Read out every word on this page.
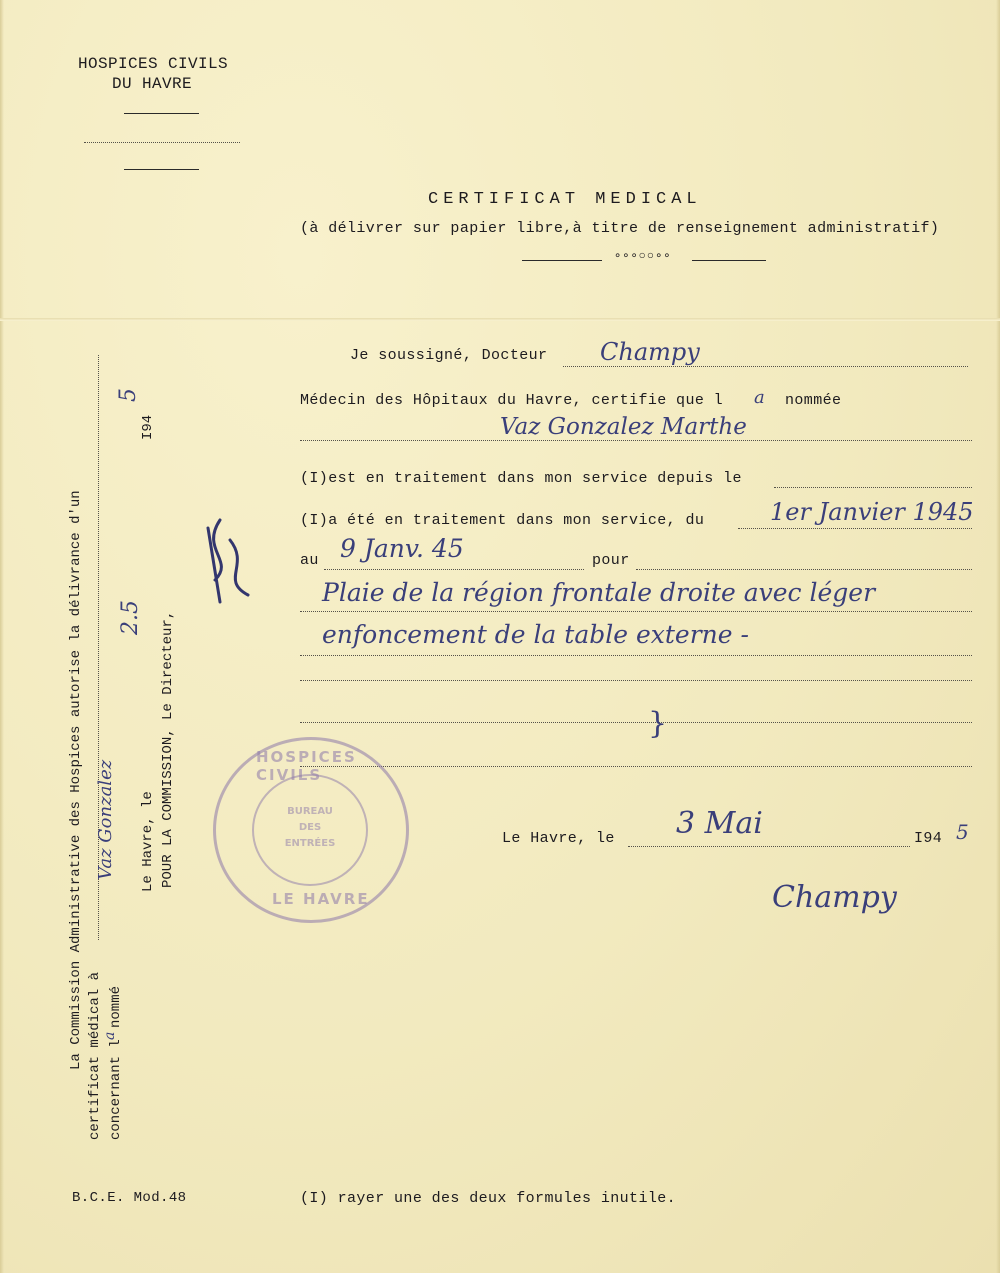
HOSPICES CIVILS
DU HAVRE
CERTIFICAT MEDICAL
(à délivrer sur papier libre,à titre de renseignement administratif)
∘∘∘○○∘∘
Je soussigné, Docteur Champy
Médecin des Hôpitaux du Havre, certifie que l a nommée
Vaz Gonzalez Marthe
(I)est en traitement dans mon service depuis le
(I)a été en traitement dans mon service, du	1er Janvier 1945
au 9 Janv. 45	pour
Plaie de la région frontale droite avec léger
enfoncement de la table externe -
}
Le Havre, le 3 Mai	I94 5
Champy
La Commission Administrative des Hospices autorise la délivrance d'un certificat médical à concernant l
a
nommé
Vaz Gonzalez Le Havre, le
2.5
I94
5
POUR LA COMMISSION, Le Directeur,	BUREAU
DES
ENTRÉES
HOSPICES CIVILS
LE HAVRE
B.C.E. Mod.48	(I) rayer une des deux formules inutile.
